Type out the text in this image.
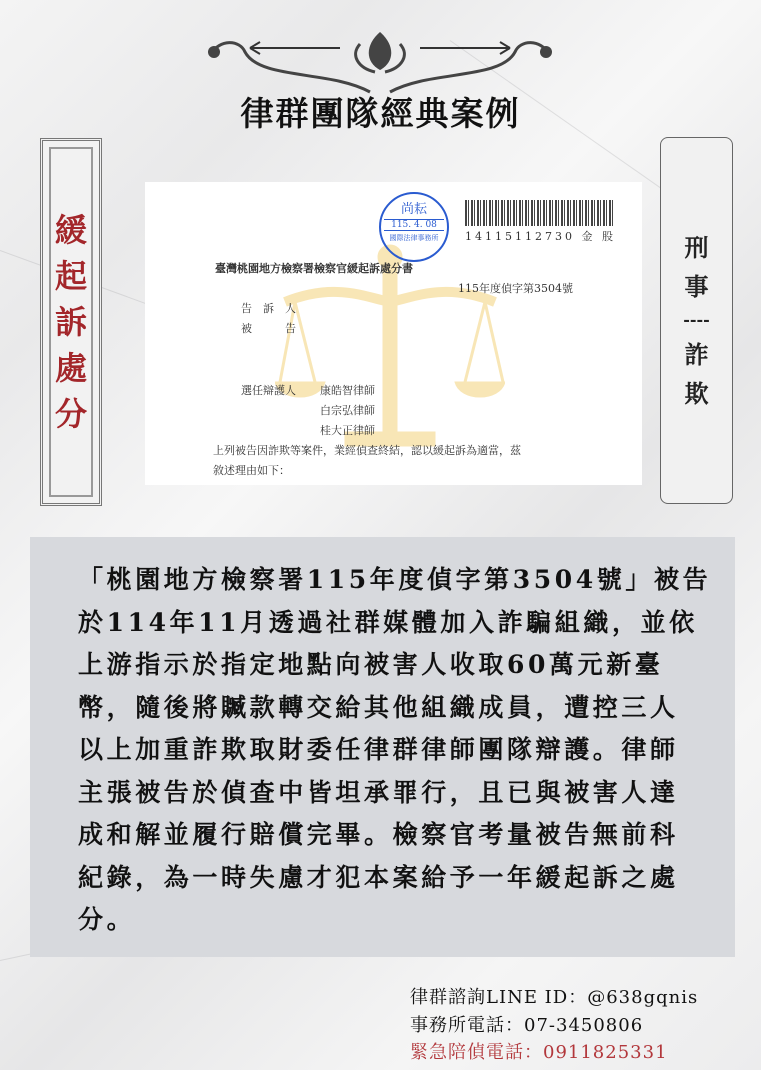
律群團隊經典案例
緩
起
訴
處
分
尚耘
115. 4. 08
國際法律事務所	14115112730 金 股
臺灣桃園地方檢察署檢察官緩起訴處分書
115年度偵字第3504號
告　訴　人
被　　　告
選任辯護人 康皓智律師
白宗弘律師
桂大正律師
上列被告因詐欺等案件，業經偵查終結，認以緩起訴為適當，茲
敘述理由如下：
刑
事
----
詐
欺
「桃園地方檢察署115年度偵字第3504號」被告
於114年11月透過社群媒體加入詐騙組織，並依
上游指示於指定地點向被害人收取60萬元新臺
幣，隨後將贓款轉交給其他組織成員，遭控三人
以上加重詐欺取財委任律群律師團隊辯護。律師
主張被告於偵查中皆坦承罪行，且已與被害人達
成和解並履行賠償完畢。檢察官考量被告無前科
紀錄，為一時失慮才犯本案給予一年緩起訴之處
分。
律群諮詢LINE ID：@638gqnis
事務所電話：07-3450806
緊急陪偵電話：0911825331
